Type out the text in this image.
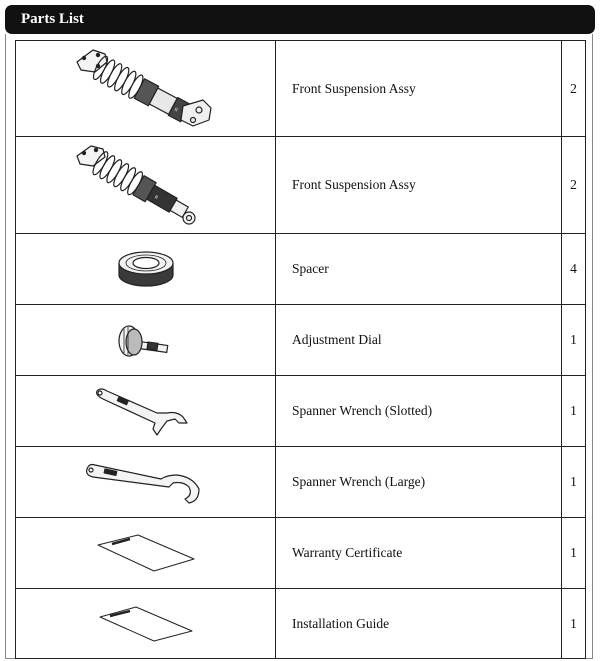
Parts List
II	Front Suspension Assy	2

II	Front Suspension Assy	2

	Spacer	4

	Adjustment Dial	1

	Spanner Wrench (Slotted)	1

	Spanner Wrench (Large)	1

	Warranty Certificate	1

	Installation Guide	1
